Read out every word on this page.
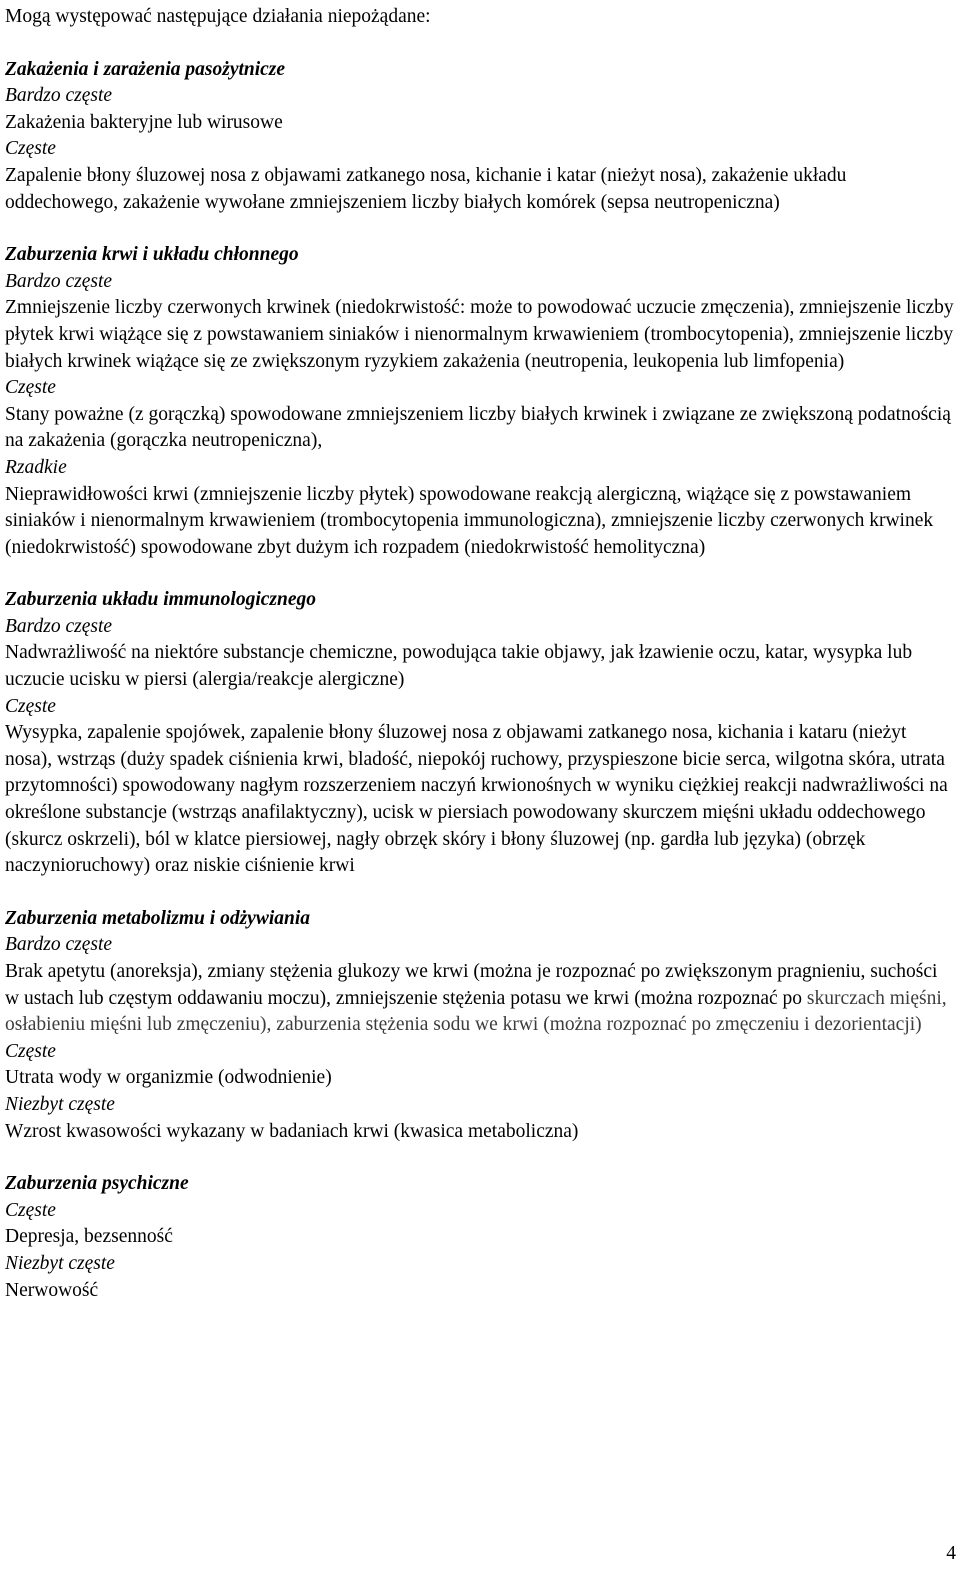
Mogą występować następujące działania niepożądane:

Zakażenia i zarażenia pasożytnicze

Bardzo częste

Zakażenia bakteryjne lub wirusowe

Częste

Zapalenie błony śluzowej nosa z objawami zatkanego nosa, kichanie i katar (nieżyt nosa), zakażenie układu oddechowego, zakażenie wywołane zmniejszeniem liczby białych komórek (sepsa neutropeniczna)

Zaburzenia krwi i układu chłonnego

Bardzo częste

Zmniejszenie liczby czerwonych krwinek (niedokrwistość: może to powodować uczucie zmęczenia), zmniejszenie liczby płytek krwi wiążące się z powstawaniem siniaków i nienormalnym krwawieniem (trombocytopenia), zmniejszenie liczby białych krwinek wiążące się ze zwiększonym ryzykiem zakażenia (neutropenia, leukopenia lub limfopenia)

Częste

Stany poważne (z gorączką) spowodowane zmniejszeniem liczby białych krwinek i związane ze zwiększoną podatnością na zakażenia (gorączka neutropeniczna),

Rzadkie

Nieprawidłowości krwi (zmniejszenie liczby płytek) spowodowane reakcją alergiczną, wiążące się z powstawaniem siniaków i nienormalnym krwawieniem (trombocytopenia immunologiczna), zmniejszenie liczby czerwonych krwinek (niedokrwistość) spowodowane zbyt dużym ich rozpadem (niedokrwistość hemolityczna)

Zaburzenia układu immunologicznego

Bardzo częste

Nadwrażliwość na niektóre substancje chemiczne, powodująca takie objawy, jak łzawienie oczu, katar, wysypka lub uczucie ucisku w piersi (alergia/reakcje alergiczne)

Częste

Wysypka, zapalenie spojówek, zapalenie błony śluzowej nosa z objawami zatkanego nosa, kichania i kataru (nieżyt nosa), wstrząs (duży spadek ciśnienia krwi, bladość, niepokój ruchowy, przyspieszone bicie serca, wilgotna skóra, utrata przytomności) spowodowany nagłym rozszerzeniem naczyń krwionośnych w wyniku ciężkiej reakcji nadwrażliwości na określone substancje (wstrząs anafilaktyczny), ucisk w piersiach powodowany skurczem mięśni układu oddechowego (skurcz oskrzeli), ból w klatce piersiowej, nagły obrzęk skóry i błony śluzowej (np. gardła lub języka) (obrzęk naczynioruchowy) oraz niskie ciśnienie krwi

Zaburzenia metabolizmu i odżywiania

Bardzo częste

Brak apetytu (anoreksja), zmiany stężenia glukozy we krwi (można je rozpoznać po zwiększonym pragnieniu, suchości w ustach lub częstym oddawaniu moczu), zmniejszenie stężenia potasu we krwi (można rozpoznać po skurczach mięśni, osłabieniu mięśni lub zmęczeniu), zaburzenia stężenia sodu we krwi (można rozpoznać po zmęczeniu i dezorientacji)

Częste

Utrata wody w organizmie (odwodnienie)

Niezbyt częste

Wzrost kwasowości wykazany w badaniach krwi (kwasica metaboliczna)

Zaburzenia psychiczne

Częste

Depresja, bezsenność

Niezbyt częste

Nerwowość

4
